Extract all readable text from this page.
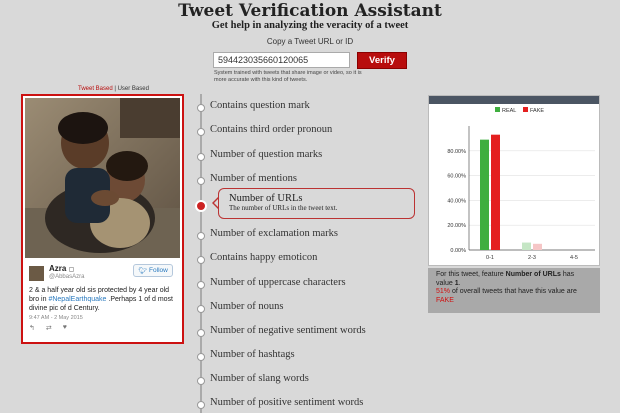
Tweet Verification Assistant
Get help in analyzing the veracity of a tweet
Copy a Tweet URL or ID
594423035660120065	Verify
System trained with tweets that share image or video, so it is more accurate with this kind of tweets.
Tweet Based | User Based
Azra ▢
@AbbasAzra
🐦︎ Follow
2 & a half year old sis protected by 4 year old bro in #NepalEarthquake .Perhaps 1 of d most divine pic of d Century.
9:47 AM - 2 May 2015
↰ ⇄ ♥
Number of URLs
The number of URLs in the tweet text.
REAL FAKE
0.00%
20.00%
40.00%
60.00%
80.00%
0-1	2-3	4-5
For this tweet, feature Number of URLs has value 1.
51% of overall tweets that have this value are
FAKE
Contains question mark
Contains third order pronoun
Number of question marks
Number of mentions
Number of exclamation marks
Contains happy emoticon
Number of uppercase characters
Number of nouns
Number of negative sentiment words
Number of hashtags
Number of slang words
Number of positive sentiment words
